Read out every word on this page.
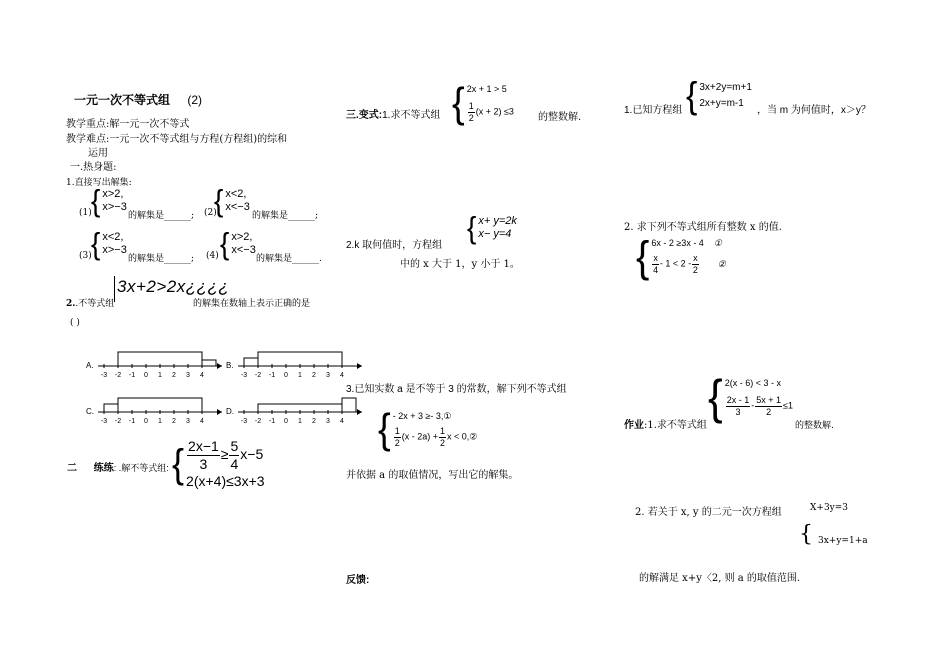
一元一次不等式组 (2)
教学重点:解一元一次不等式
教学难点:一元一次不等式组与方程(方程组)的综和
运用
一.热身题:
1.直接写出解集:
(1) { x>2,
x>−3
的解集是______; (2)
{ x<2,
x<−3
的解集是______;
(3) { x<2,
x>−3
的解集是______; (4) { x>2,
x<−3
的解集是______.
2..不等式组
3x+2>2x¿¿¿¿
的解集在数轴上表示正确的是
( )
A.
-3 -2 -1 0 1 2 3 4
B.
-3 -2 -1 0 1 2 3 4
C.
-3 -2 -1 0 1 2 3 4
D.
-3 -2 -1 0 1 2 3 4
二 练练: .解不等式组: { $\frac{2x-1}{3} \ge \frac{5}{4} x-5$
2(x+4)≤3x+3
三.变式:1.求不等式组 { 2x + 1 > 5
$\frac{1}{2} (x + 2) \le 3$
的整数解.
2.k 取何值时，方程组
{ x+ y=2k
x− y=4
中的 x 大于 1，y 小于 1。
3.已知实数 a 是不等于 3 的常数，解下列不等式组
{ - 2x + 3 ≥- 3,①
$\frac{1}{2} (x - 2a) + \frac{1}{2}$ x < 0,②
并依据 a 的取值情况，写出它的解集。
反馈:
1.已知方程组 { 3x+2y=m+1
2x+y=m-1
，当 m 为何值时，x＞y？
2. 求下列不等式组所有整数 x 的值.
{ 6x - 2 ≥3x - 4 ①
$\frac{x}{4} - 1 < 2 - \frac{x}{2}$ ②
作业:1.求不等式组
{ 2(x - 6) < 3 - x
$\frac{2x - 1}{3} - \frac{5x + 1}{2} \le 1$
的整数解.
2. 若关于 x, y 的二元一次方程组	X+3y=3
{ 3x+y=1+a
的解满足 x+y〈2, 则 a 的取值范围.
